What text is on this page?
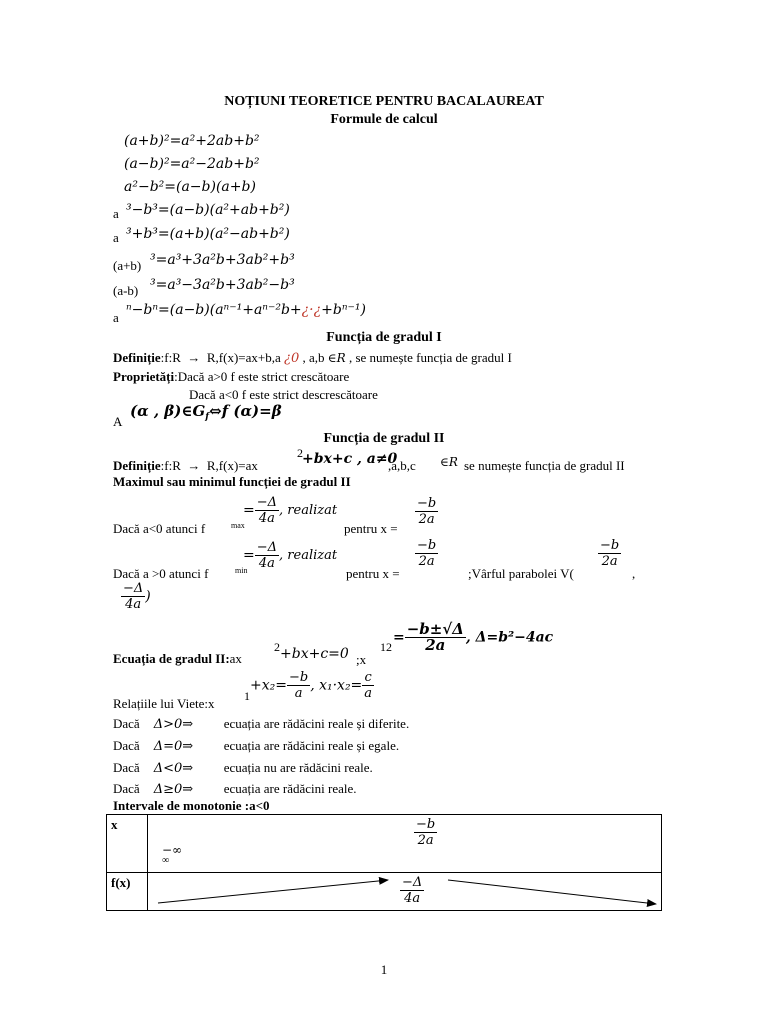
NOȚIUNI TEORETICE PENTRU BACALAUREAT
Formule de calcul
(a+b)²=a²+2ab+b²
(a−b)²=a²−2ab+b²
a²−b²=(a−b)(a+b)
a ³−b³=(a−b)(a²+ab+b²)
a ³+b³=(a+b)(a²−ab+b²)
(a+b) ³=a³+3a²b+3ab²+b³
(a-b) ³=a³−3a²b+3ab²−b³
a ⁿ−bⁿ=(a−b)(aⁿ⁻¹+aⁿ⁻²b+¿·¿+bⁿ⁻¹)
Funcția de gradul I
Definiție:f:R → R,f(x)=ax+b,a ¿0 , a,b ∈R , se numește funcția de gradul I
Proprietăți:Dacă a>0 f este strict crescătoare
Dacă a<0 f este strict descrescătoare
A
(α , $\beta)\in G_f\Leftrightarrow f$ (α)=β
Funcția de gradul II
Definiție:f:R → R,f(x)=ax
2 +bx+c , a≠0
,a,b,c ∈R se numește funcția de gradul II
Maximul sau minimul funcției de gradul II
Dacă a<0 atunci f	max
= $\frac{-\Delta}{4a}$ , realizat
pentru x =
$\frac{-b}{2a}$
Dacă a >0 atunci f	min
= $\frac{-\Delta}{4a}$ , realizat
pentru x =
$\frac{-b}{2a}$
;Vârful parabolei V(
$\frac{-b}{2a}$
,
$\frac{-\Delta}{4a}$ )
Ecuația de gradul II:ax
2 +bx+c=0 ;x
12
= $\frac{-b\pm√\Delta}{2a}$ , Δ=b²−4ac
Relațiile lui Viete:x 1
$+x_2= \frac{-b}{a}$ , $x_1\cdot x_2= \frac{c}{a}$
Dacă Δ>0⇒ ecuația are rădăcini reale și diferite.
Dacă Δ=0⇒ ecuația are rădăcini reale și egale.
Dacă Δ<0⇒ ecuația nu are rădăcini reale.
Dacă Δ≥0⇒ ecuația are rădăcini reale.
Intervale de monotonie :a<0
x	−∞
∞
$\frac{-b}{2a}$

f(x)	$\frac{-\Delta}{4a}$
1
